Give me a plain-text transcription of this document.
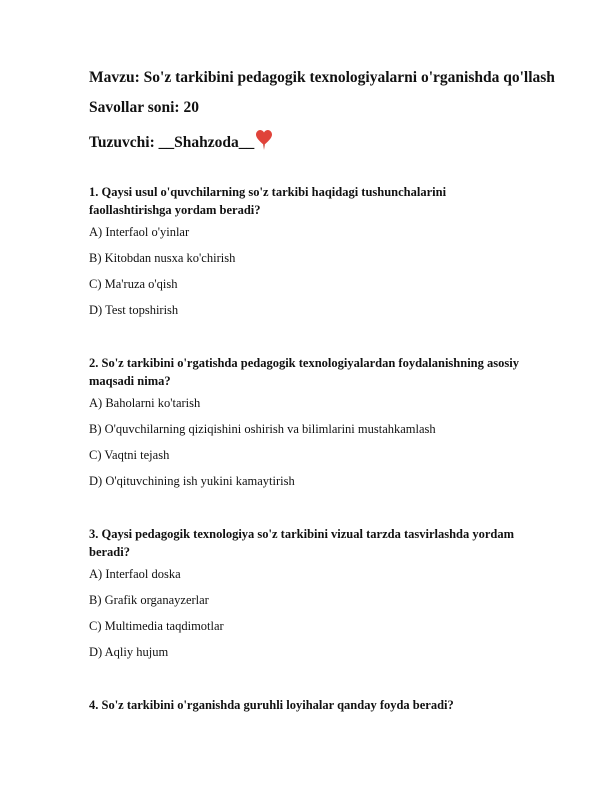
Mavzu: So'z tarkibini pedagogik texnologiyalarni o'rganishda qo'llash
Savollar soni: 20
Tuzuvchi: __Shahzoda__

1. Qaysi usul o'quvchilarning so'z tarkibi haqidagi tushunchalarini faollashtirishga yordam beradi?

A) Interfaol o'yinlar

B) Kitobdan nusxa ko'chirish

C) Ma'ruza o'qish

D) Test topshirish

2. So'z tarkibini o'rgatishda pedagogik texnologiyalardan foydalanishning asosiy maqsadi nima?

A) Baholarni ko'tarish

B) O'quvchilarning qiziqishini oshirish va bilimlarini mustahkamlash

C) Vaqtni tejash

D) O'qituvchining ish yukini kamaytirish

3. Qaysi pedagogik texnologiya so'z tarkibini vizual tarzda tasvirlashda yordam beradi?

A) Interfaol doska

B) Grafik organayzerlar

C) Multimedia taqdimotlar

D) Aqliy hujum

4. So'z tarkibini o'rganishda guruhli loyihalar qanday foyda beradi?
